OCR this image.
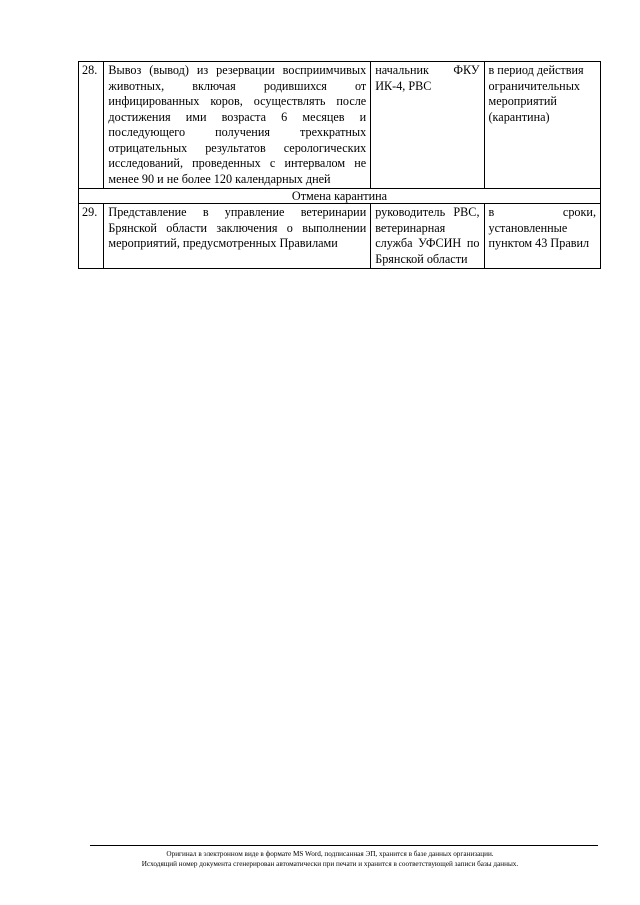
28.	Вывоз (вывод) из резервации восприимчивых животных, включая родившихся от инфицированных коров, осуществлять после достижения ими возраста 6 месяцев и последующего получения трехкратных отрицательных результатов серологических исследований, проведенных с интервалом не менее 90 и не более 120 календарных дней	начальник ФКУ ИК-4, РВС	в период действия ограничительных мероприятий (карантина)
Отмена карантина			
29.	Представление в управление ветеринарии Брянской области заключения о выполнении мероприятий, предусмотренных Правилами	руководитель РВС, ветеринарная служба УФСИН по Брянской области	в сроки, установленные пунктом 43 Правил
Оригинал в электронном виде в формате MS Word, подписанная ЭП, хранится в базе данных организации.
Исходящий номер документа сгенерирован автоматически при печати и хранится в соответствующей записи базы данных.
